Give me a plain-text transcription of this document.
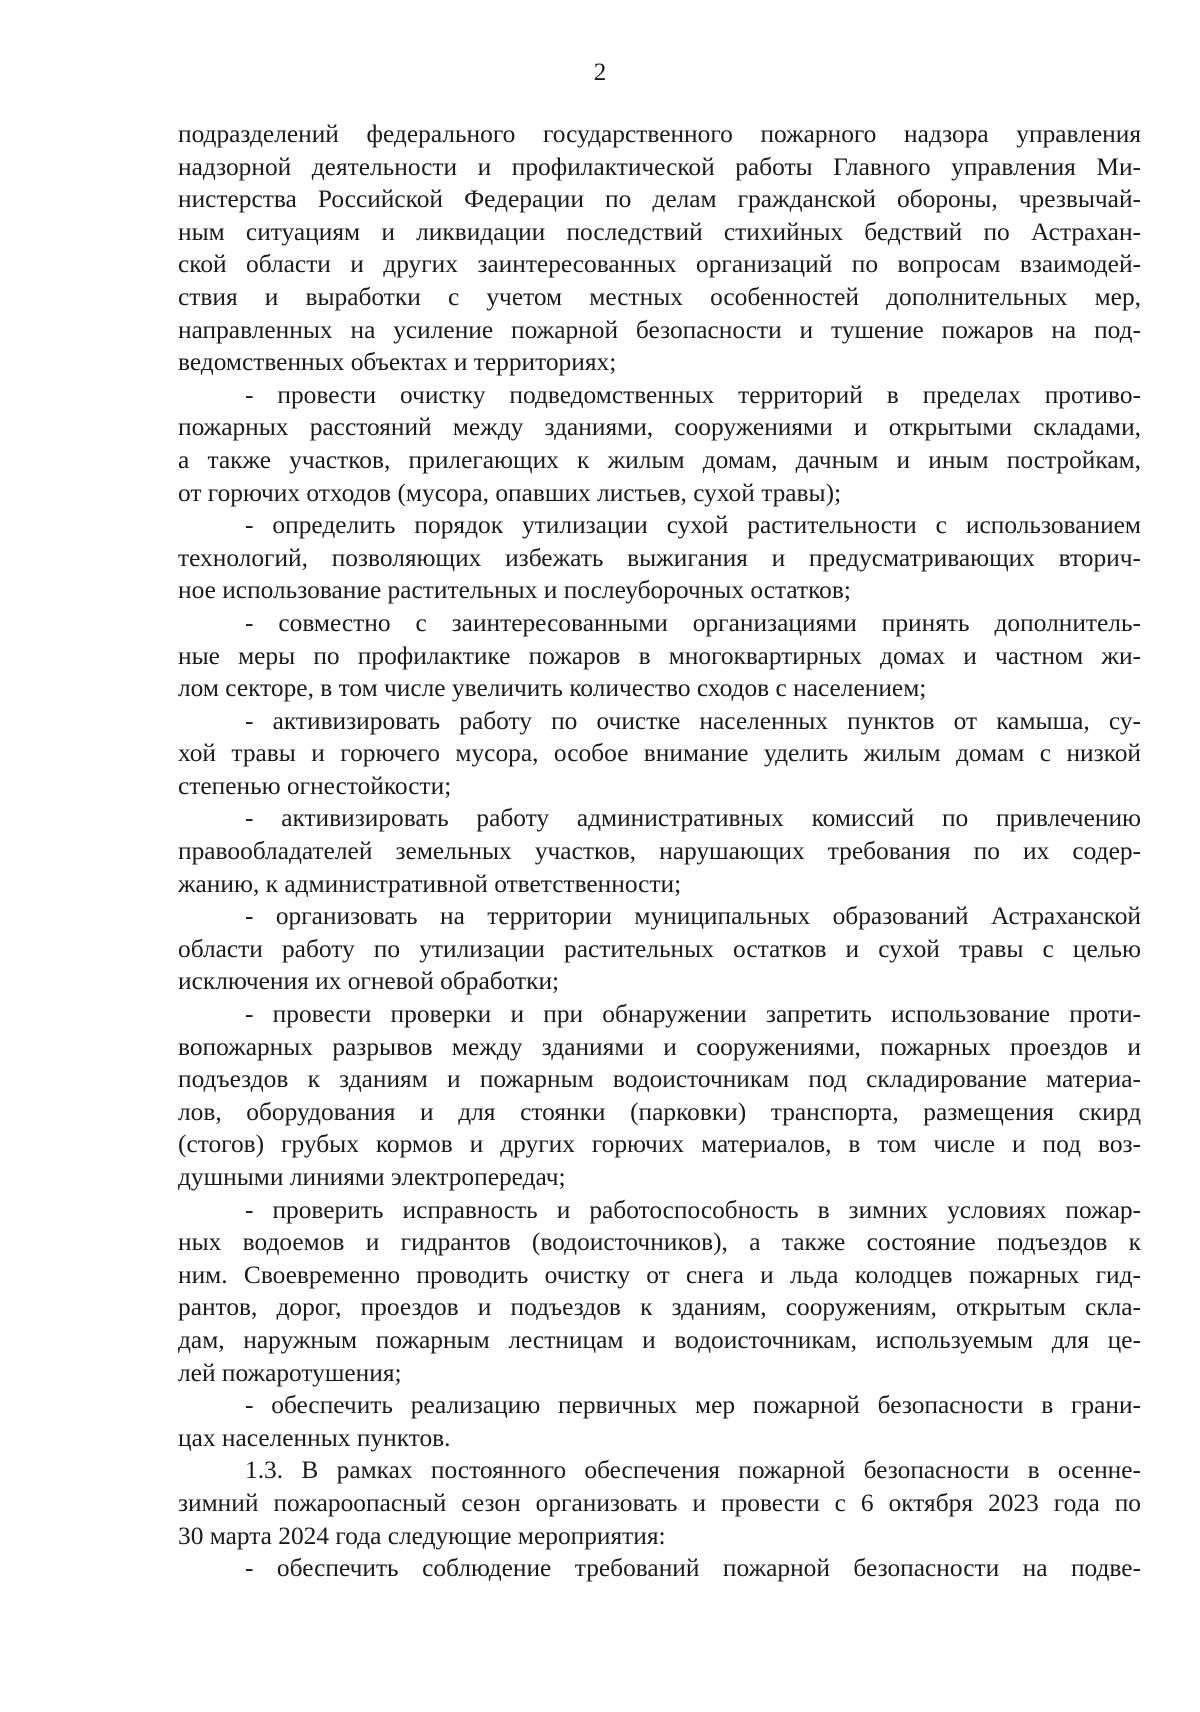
2
подразделений федерального государственного пожарного надзора управления
надзорной деятельности и профилактической работы Главного управления Ми-
нистерства Российской Федерации по делам гражданской обороны, чрезвычай-
ным ситуациям и ликвидации последствий стихийных бедствий по Астрахан-
ской области и других заинтересованных организаций по вопросам взаимодей-
ствия и выработки с учетом местных особенностей дополнительных мер,
направленных на усиление пожарной безопасности и тушение пожаров на под-
ведомственных объектах и территориях;
- провести очистку подведомственных территорий в пределах противо-
пожарных расстояний между зданиями, сооружениями и открытыми складами,
а также участков, прилегающих к жилым домам, дачным и иным постройкам,
от горючих отходов (мусора, опавших листьев, сухой травы);
- определить порядок утилизации сухой растительности с использованием
технологий, позволяющих избежать выжигания и предусматривающих вторич-
ное использование растительных и послеуборочных остатков;
- совместно с заинтересованными организациями принять дополнитель-
ные меры по профилактике пожаров в многоквартирных домах и частном жи-
лом секторе, в том числе увеличить количество сходов с населением;
- активизировать работу по очистке населенных пунктов от камыша, су-
хой травы и горючего мусора, особое внимание уделить жилым домам с низкой
степенью огнестойкости;
- активизировать работу административных комиссий по привлечению
правообладателей земельных участков, нарушающих требования по их содер-
жанию, к административной ответственности;
- организовать на территории муниципальных образований Астраханской
области работу по утилизации растительных остатков и сухой травы с целью
исключения их огневой обработки;
- провести проверки и при обнаружении запретить использование проти-
вопожарных разрывов между зданиями и сооружениями, пожарных проездов и
подъездов к зданиям и пожарным водоисточникам под складирование материа-
лов, оборудования и для стоянки (парковки) транспорта, размещения скирд
(стогов) грубых кормов и других горючих материалов, в том числе и под воз-
душными линиями электропередач;
- проверить исправность и работоспособность в зимних условиях пожар-
ных водоемов и гидрантов (водоисточников), а также состояние подъездов к
ним. Своевременно проводить очистку от снега и льда колодцев пожарных гид-
рантов, дорог, проездов и подъездов к зданиям, сооружениям, открытым скла-
дам, наружным пожарным лестницам и водоисточникам, используемым для це-
лей пожаротушения;
- обеспечить реализацию первичных мер пожарной безопасности в грани-
цах населенных пунктов.
1.3. В рамках постоянного обеспечения пожарной безопасности в осенне-
зимний пожароопасный сезон организовать и провести с 6 октября 2023 года по
30 марта 2024 года следующие мероприятия:
- обеспечить соблюдение требований пожарной безопасности на подве-
